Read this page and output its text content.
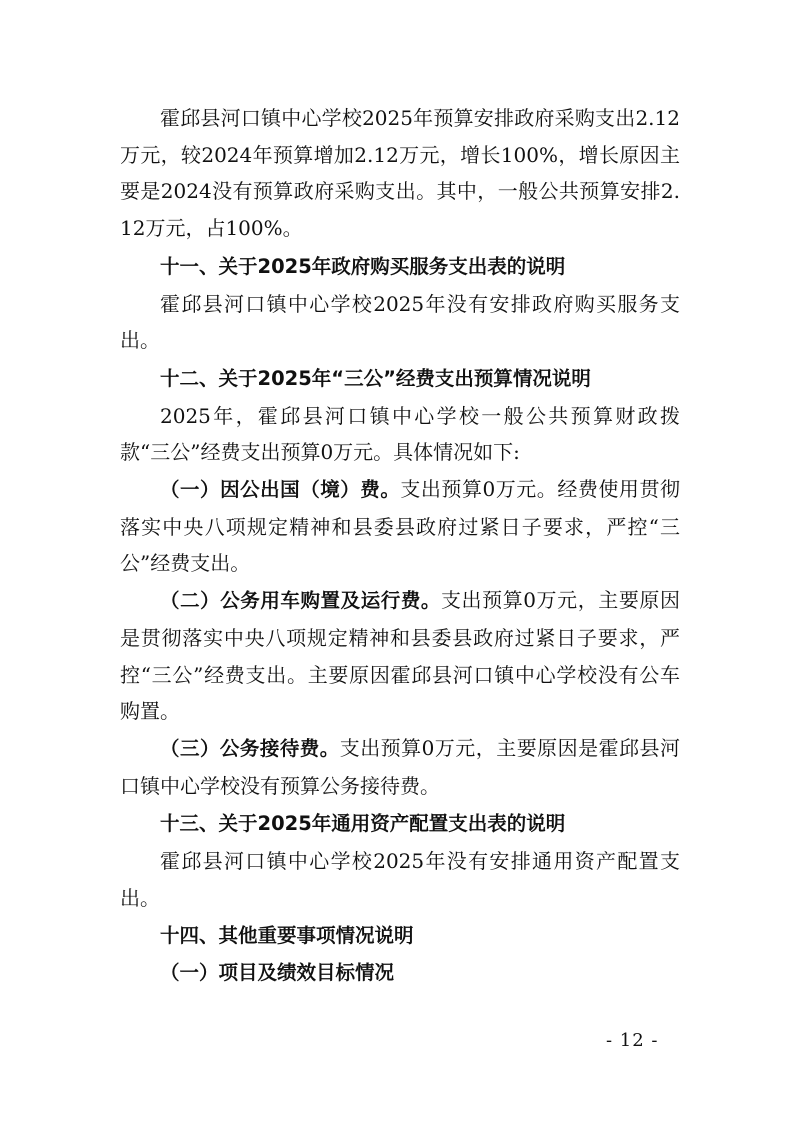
霍邱县河口镇中心学校2025年预算安排政府采购支出2.12万元，较2024年预算增加2.12万元，增长100%，增长原因主要是2024没有预算政府采购支出。其中，一般公共预算安排2.12万元，占100%。

十一、关于2025年政府购买服务支出表的说明

霍邱县河口镇中心学校2025年没有安排政府购买服务支出。

十二、关于2025年“三公”经费支出预算情况说明

2025年，霍邱县河口镇中心学校一般公共预算财政拨款“三公”经费支出预算0万元。具体情况如下:

（一）因公出国（境）费。支出预算0万元。经费使用贯彻落实中央八项规定精神和县委县政府过紧日子要求，严控“三公”经费支出。

（二）公务用车购置及运行费。支出预算0万元，主要原因是贯彻落实中央八项规定精神和县委县政府过紧日子要求，严控“三公”经费支出。主要原因霍邱县河口镇中心学校没有公车购置。

（三）公务接待费。支出预算0万元，主要原因是霍邱县河口镇中心学校没有预算公务接待费。

十三、关于2025年通用资产配置支出表的说明

霍邱县河口镇中心学校2025年没有安排通用资产配置支出。

十四、其他重要事项情况说明

（一）项目及绩效目标情况

- 12 -
